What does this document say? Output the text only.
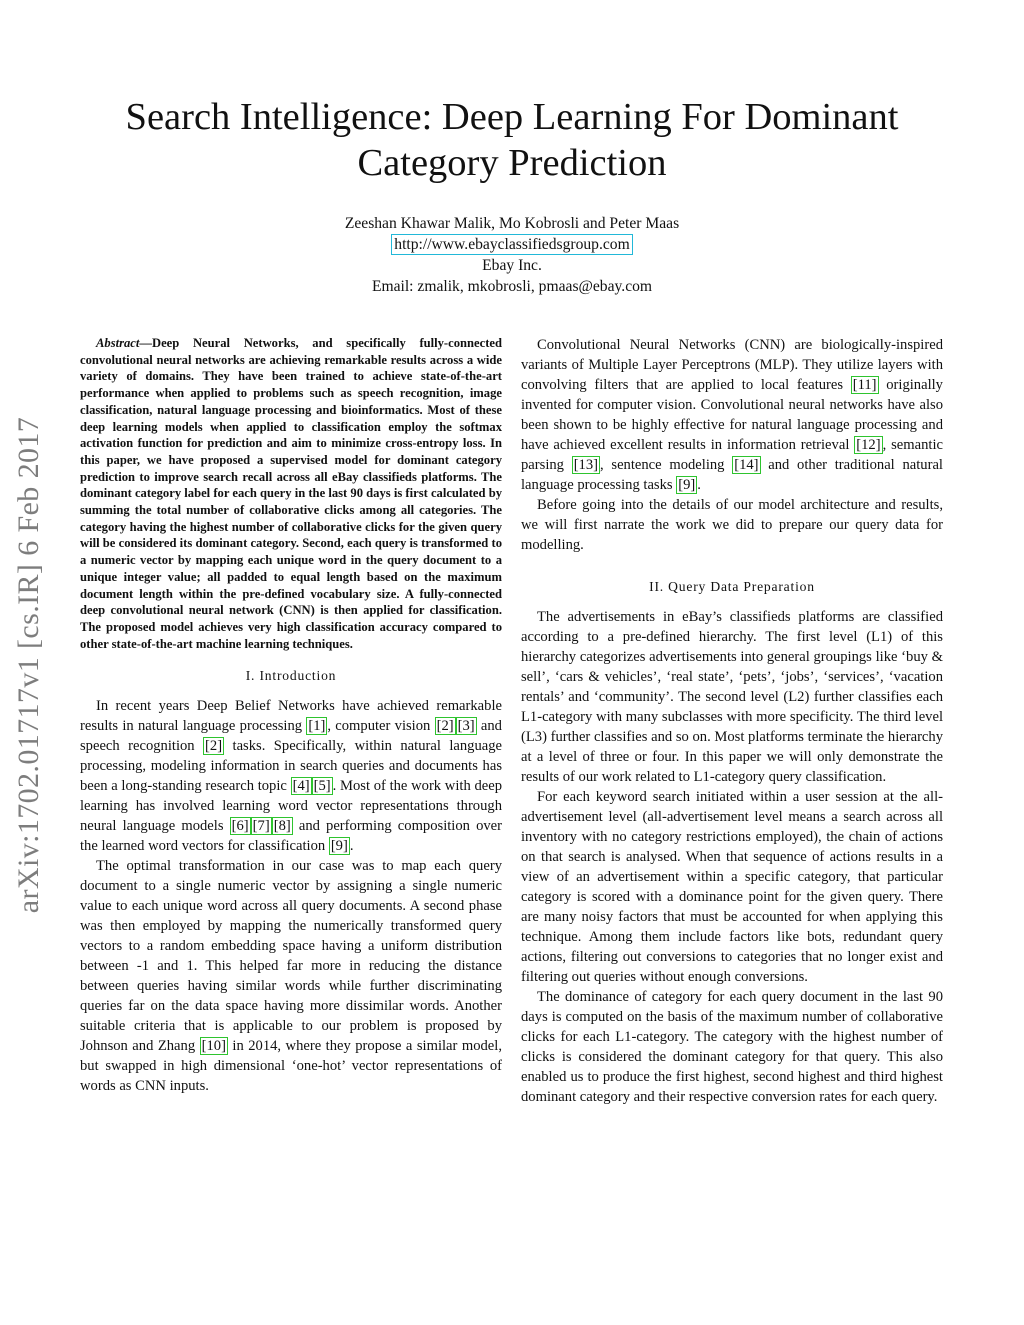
arXiv:1702.01717v1 [cs.IR] 6 Feb 2017
Search Intelligence: Deep Learning For Dominant Category Prediction
Zeeshan Khawar Malik, Mo Kobrosli and Peter Maas
http://www.ebayclassifiedsgroup.com
Ebay Inc.
Email: zmalik, mkobrosli, pmaas@ebay.com

Abstract—Deep Neural Networks, and specifically fully-connected convolutional neural networks are achieving remarkable results across a wide variety of domains. They have been trained to achieve state-of-the-art performance when applied to problems such as speech recognition, image classification, natural language processing and bioinformatics. Most of these deep learning models when applied to classification employ the softmax activation function for prediction and aim to minimize cross-entropy loss. In this paper, we have proposed a supervised model for dominant category prediction to improve search recall across all eBay classifieds platforms. The dominant category label for each query in the last 90 days is first calculated by summing the total number of collaborative clicks among all categories. The category having the highest number of collaborative clicks for the given query will be considered its dominant category. Second, each query is transformed to a numeric vector by mapping each unique word in the query document to a unique integer value; all padded to equal length based on the maximum document length within the pre-defined vocabulary size. A fully-connected deep convolutional neural network (CNN) is then applied for classification. The proposed model achieves very high classification accuracy compared to other state-of-the-art machine learning techniques.

I. Introduction

In recent years Deep Belief Networks have achieved remarkable results in natural language processing [1] , computer vision [2] [3] and speech recognition [2] tasks. Specifically, within natural language processing, modeling information in search queries and documents has been a long-standing research topic [4] [5] . Most of the work with deep learning has involved learning word vector representations through neural language models [6] [7] [8] and performing composition over the learned word vectors for classification [9] .

The optimal transformation in our case was to map each query document to a single numeric vector by assigning a single numeric value to each unique word across all query documents. A second phase was then employed by mapping the numerically transformed query vectors to a random embedding space having a uniform distribution between -1 and 1. This helped far more in reducing the distance between queries having similar words while further discriminating queries far on the data space having more dissimilar words. Another suitable criteria that is applicable to our problem is proposed by Johnson and Zhang [10] in 2014, where they propose a similar model, but swapped in high dimensional ‘one-hot’ vector representations of words as CNN inputs.

Convolutional Neural Networks (CNN) are biologically-inspired variants of Multiple Layer Perceptrons (MLP). They utilize layers with convolving filters that are applied to local features [11] originally invented for computer vision. Convolutional neural networks have also been shown to be highly effective for natural language processing and have achieved excellent results in information retrieval [12] , semantic parsing [13] , sentence modeling [14] and other traditional natural language processing tasks [9] .

Before going into the details of our model architecture and results, we will first narrate the work we did to prepare our query data for modelling.

II. Query Data Preparation

The advertisements in eBay’s classifieds platforms are classified according to a pre-defined hierarchy. The first level (L1) of this hierarchy categorizes advertisements into general groupings like ‘buy & sell’, ‘cars & vehicles’, ‘real state’, ‘pets’, ‘jobs’, ‘services’, ‘vacation rentals’ and ‘community’. The second level (L2) further classifies each L1-category with many subclasses with more specificity. The third level (L3) further classifies and so on. Most platforms terminate the hierarchy at a level of three or four. In this paper we will only demonstrate the results of our work related to L1-category query classification.

For each keyword search initiated within a user session at the all-advertisement level (all-advertisement level means a search across all inventory with no category restrictions employed), the chain of actions on that search is analysed. When that sequence of actions results in a view of an advertisement within a specific category, that particular category is scored with a dominance point for the given query. There are many noisy factors that must be accounted for when applying this technique. Among them include factors like bots, redundant query actions, filtering out conversions to categories that no longer exist and filtering out queries without enough conversions.

The dominance of category for each query document in the last 90 days is computed on the basis of the maximum number of collaborative clicks for each L1-category. The category with the highest number of clicks is considered the dominant category for that query. This also enabled us to produce the first highest, second highest and third highest dominant category and their respective conversion rates for each query.
